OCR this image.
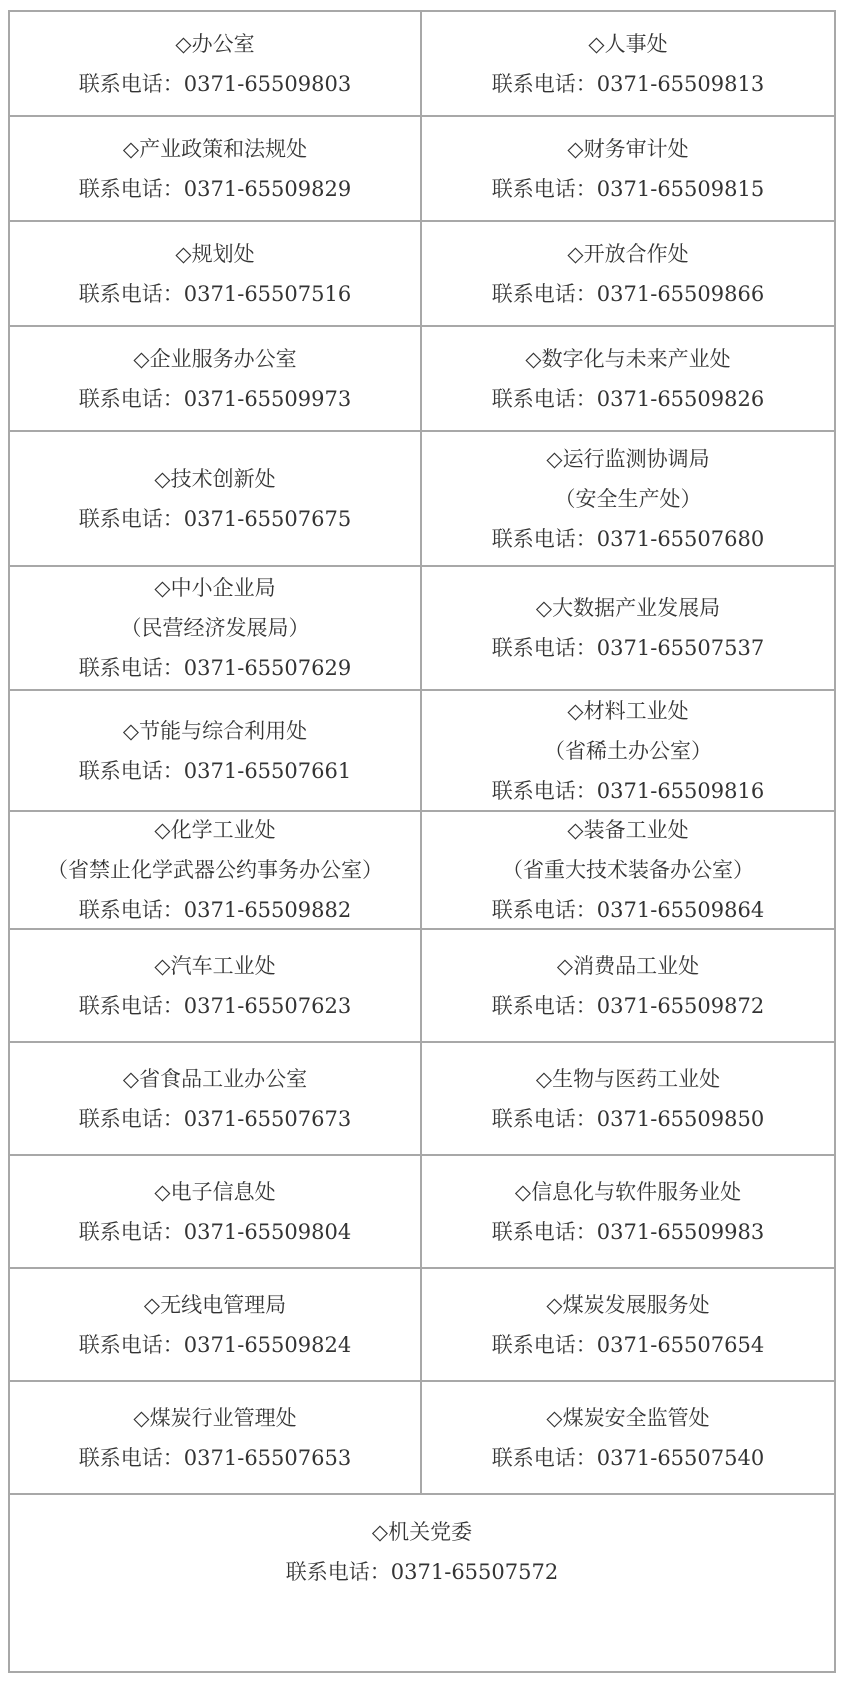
◇办公室
联系电话：0371-65509803
◇人事处
联系电话：0371-65509813
◇产业政策和法规处
联系电话：0371-65509829
◇财务审计处
联系电话：0371-65509815
◇规划处
联系电话：0371-65507516
◇开放合作处
联系电话：0371-65509866
◇企业服务办公室
联系电话：0371-65509973
◇数字化与未来产业处
联系电话：0371-65509826
◇技术创新处
联系电话：0371-65507675
◇运行监测协调局
（安全生产处）
联系电话：0371-65507680
◇中小企业局
（民营经济发展局）
联系电话：0371-65507629
◇大数据产业发展局
联系电话：0371-65507537
◇节能与综合利用处
联系电话：0371-65507661
◇材料工业处
（省稀土办公室）
联系电话：0371-65509816
◇化学工业处
（省禁止化学武器公约事务办公室）
联系电话：0371-65509882
◇装备工业处
（省重大技术装备办公室）
联系电话：0371-65509864
◇汽车工业处
联系电话：0371-65507623
◇消费品工业处
联系电话：0371-65509872
◇省食品工业办公室
联系电话：0371-65507673
◇生物与医药工业处
联系电话：0371-65509850
◇电子信息处
联系电话：0371-65509804
◇信息化与软件服务业处
联系电话：0371-65509983
◇无线电管理局
联系电话：0371-65509824
◇煤炭发展服务处
联系电话：0371-65507654
◇煤炭行业管理处
联系电话：0371-65507653
◇煤炭安全监管处
联系电话：0371-65507540
◇机关党委
联系电话：0371-65507572
